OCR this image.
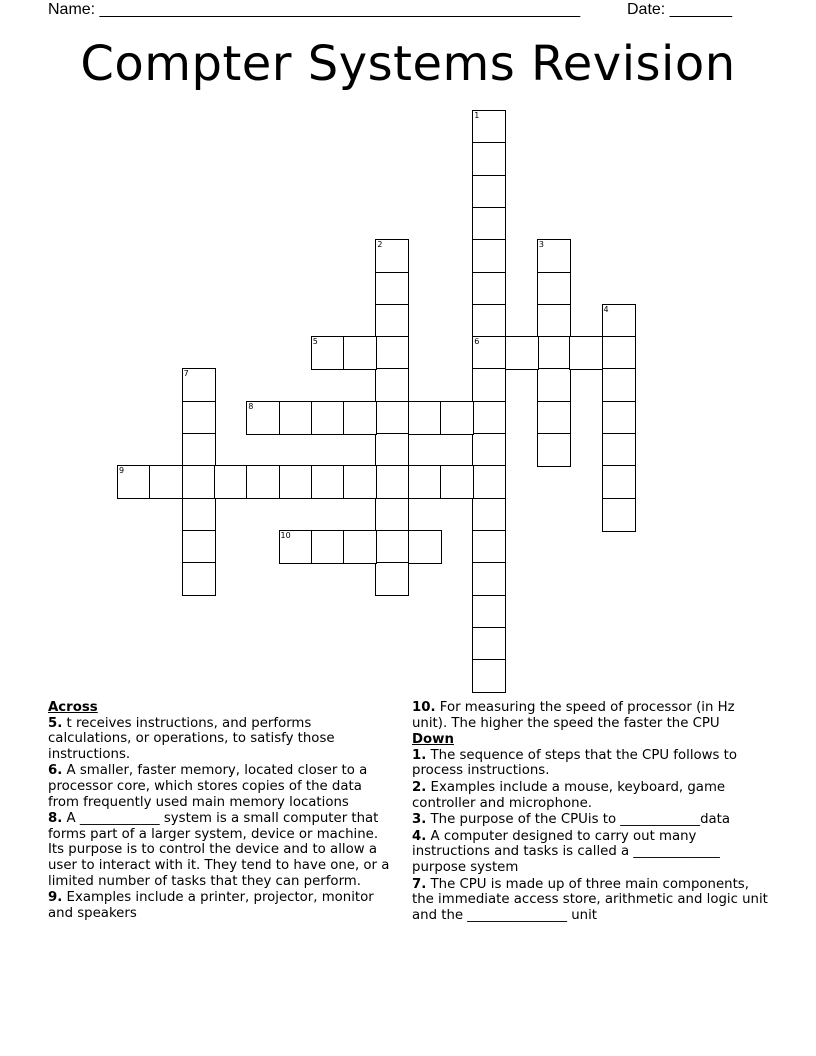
Name: ______________________________________________________	Date: _______
Compter Systems Revision
1
6
2	3
4
5
7
8
9
10
Across
5. t receives instructions, and performs calculations, or operations, to satisfy those instructions.
6. A smaller, faster memory, located closer to a processor core, which stores copies of the data from frequently used main memory locations
8. A ____________ system is a small computer that forms part of a larger system, device or machine. Its purpose is to control the device and to allow a user to interact with it. They tend to have one, or a limited number of tasks that they can perform.
9. Examples include a printer, projector, monitor and speakers
10. For measuring the speed of processor (in Hz unit). The higher the speed the faster the CPU
Down
1. The sequence of steps that the CPU follows to process instructions.
2. Examples include a mouse, keyboard, game controller and microphone.
3. The purpose of the CPUis to ____________data
4. A computer designed to carry out many instructions and tasks is called a _____________ purpose system
7. The CPU is made up of three main components, the immediate access store, arithmetic and logic unit and the _______________ unit
